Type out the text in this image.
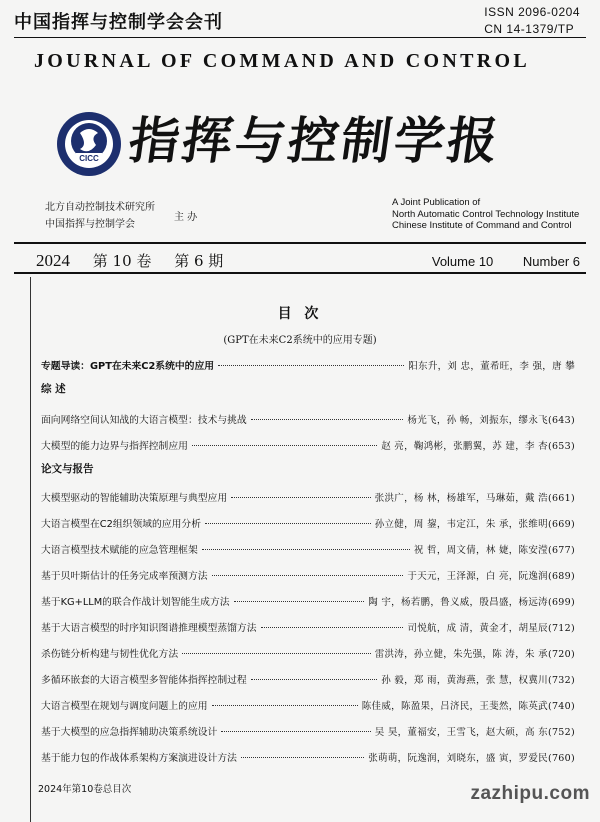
中国指挥与控制学会会刊	ISSN 2096-0204
CN 14-1379/TP
JOURNAL OF COMMAND AND CONTROL
CICC 指挥与控制学报
北方自动控制技术研究所
中国指挥与控制学会
主 办
A Joint Publication of
North Automatic Control Technology Institute
Chinese Institute of Command and Control
2024 第 10 卷 第 6 期	Volume 10 Number 6
目 次
(GPT在未来C2系统中的应用专题)
专题导读：GPT在未来C2系统中的应用	阳东升，刘 忠，董希旺，李 强，唐 攀
综 述
面向网络空间认知战的大语言模型：技术与挑战	杨光飞，孙 畅，刘振东，缪永飞(643)
大模型的能力边界与指挥控制应用	赵 亮，鞠鸿彬，张鹏翼，苏 建，李 杏(653)
论文与报告
大模型驱动的智能辅助决策原理与典型应用	张洪广，杨 林，杨雄军，马琳茹，戴 浩(661)
大语言模型在C2组织领域的应用分析	孙立健，周 鋆，韦定江，朱 承，张维明(669)
大语言模型技术赋能的应急管理框架	祝 哲，周文倩，林 婕，陈安滢(677)
基于贝叶斯估计的任务完成率预测方法	于天元，王泽源，白 亮，阮逸润(689)
基于KG+LLM的联合作战计划智能生成方法	陶 宇，杨若鹏，鲁义威，殷昌盛，杨远涛(699)
基于大语言模型的时序知识图谱推理模型蒸馏方法	司悦航，成 清，黄金才，胡星辰(712)
杀伤链分析构建与韧性优化方法	雷洪涛，孙立健，朱先强，陈 涛，朱 承(720)
多循环嵌套的大语言模型多智能体指挥控制过程	孙 毅，郑 雨，黄海燕，张 慧，权冀川(732)
大语言模型在规划与调度问题上的应用	陈佳威，陈盈果，吕济民，王斐然，陈英武(740)
基于大模型的应急指挥辅助决策系统设计	吴 昊，董福安，王雪飞，赵大硕，高 东(752)
基于能力包的作战体系架构方案演进设计方法	张萌萌，阮逸润，刘晓东，盛 寅，罗爱民(760)
2024年第10卷总目次	zazhipu.com
